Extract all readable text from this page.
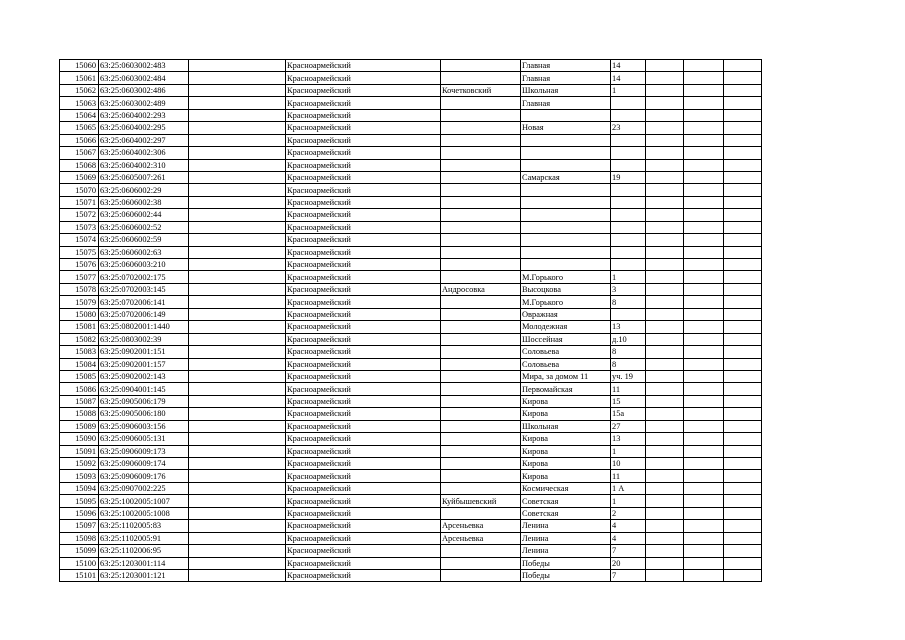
15060	63:25:0603002:483		Красноармейский		Главная	14			
15061	63:25:0603002:484		Красноармейский		Главная	14			
15062	63:25:0603002:486		Красноармейский	Кочетковский	Школьная	1			
15063	63:25:0603002:489		Красноармейский		Главная				
15064	63:25:0604002:293		Красноармейский						
15065	63:25:0604002:295		Красноармейский		Новая	23			
15066	63:25:0604002:297		Красноармейский						
15067	63:25:0604002:306		Красноармейский						
15068	63:25:0604002:310		Красноармейский						
15069	63:25:0605007:261		Красноармейский		Самарская	19			
15070	63:25:0606002:29		Красноармейский						
15071	63:25:0606002:38		Красноармейский						
15072	63:25:0606002:44		Красноармейский						
15073	63:25:0606002:52		Красноармейский						
15074	63:25:0606002:59		Красноармейский						
15075	63:25:0606002:63		Красноармейский						
15076	63:25:0606003:210		Красноармейский						
15077	63:25:0702002:175		Красноармейский		М.Горького	1			
15078	63:25:0702003:145		Красноармейский	Андросовка	Высоцкова	3			
15079	63:25:0702006:141		Красноармейский		М.Горького	8			
15080	63:25:0702006:149		Красноармейский		Овражная				
15081	63:25:0802001:1440		Красноармейский		Молодежная	13			
15082	63:25:0803002:39		Красноармейский		Шоссейная	д.10			
15083	63:25:0902001:151		Красноармейский		Соловьева	8			
15084	63:25:0902001:157		Красноармейский		Соловьева	8			
15085	63:25:0902002:143		Красноармейский		Мира, за домом 11	уч. 19			
15086	63:25:0904001:145		Красноармейский		Первомайская	11			
15087	63:25:0905006:179		Красноармейский		Кирова	15			
15088	63:25:0905006:180		Красноармейский		Кирова	15а			
15089	63:25:0906003:156		Красноармейский		Школьная	27			
15090	63:25:0906005:131		Красноармейский		Кирова	13			
15091	63:25:0906009:173		Красноармейский		Кирова	1			
15092	63:25:0906009:174		Красноармейский		Кирова	10			
15093	63:25:0906009:176		Красноармейский		Кирова	11			
15094	63:25:0907002:225		Красноармейский		Космическая	1 А			
15095	63:25:1002005:1007		Красноармейский	Куйбышевский	Советская	1			
15096	63:25:1002005:1008		Красноармейский		Советская	2			
15097	63:25:1102005:83		Красноармейский	Арсеньевка	Ленина	4			
15098	63:25:1102005:91		Красноармейский	Арсеньевка	Ленина	4			
15099	63:25:1102006:95		Красноармейский		Ленина	7			
15100	63:25:1203001:114		Красноармейский		Победы	20			
15101	63:25:1203001:121		Красноармейский		Победы	7			
